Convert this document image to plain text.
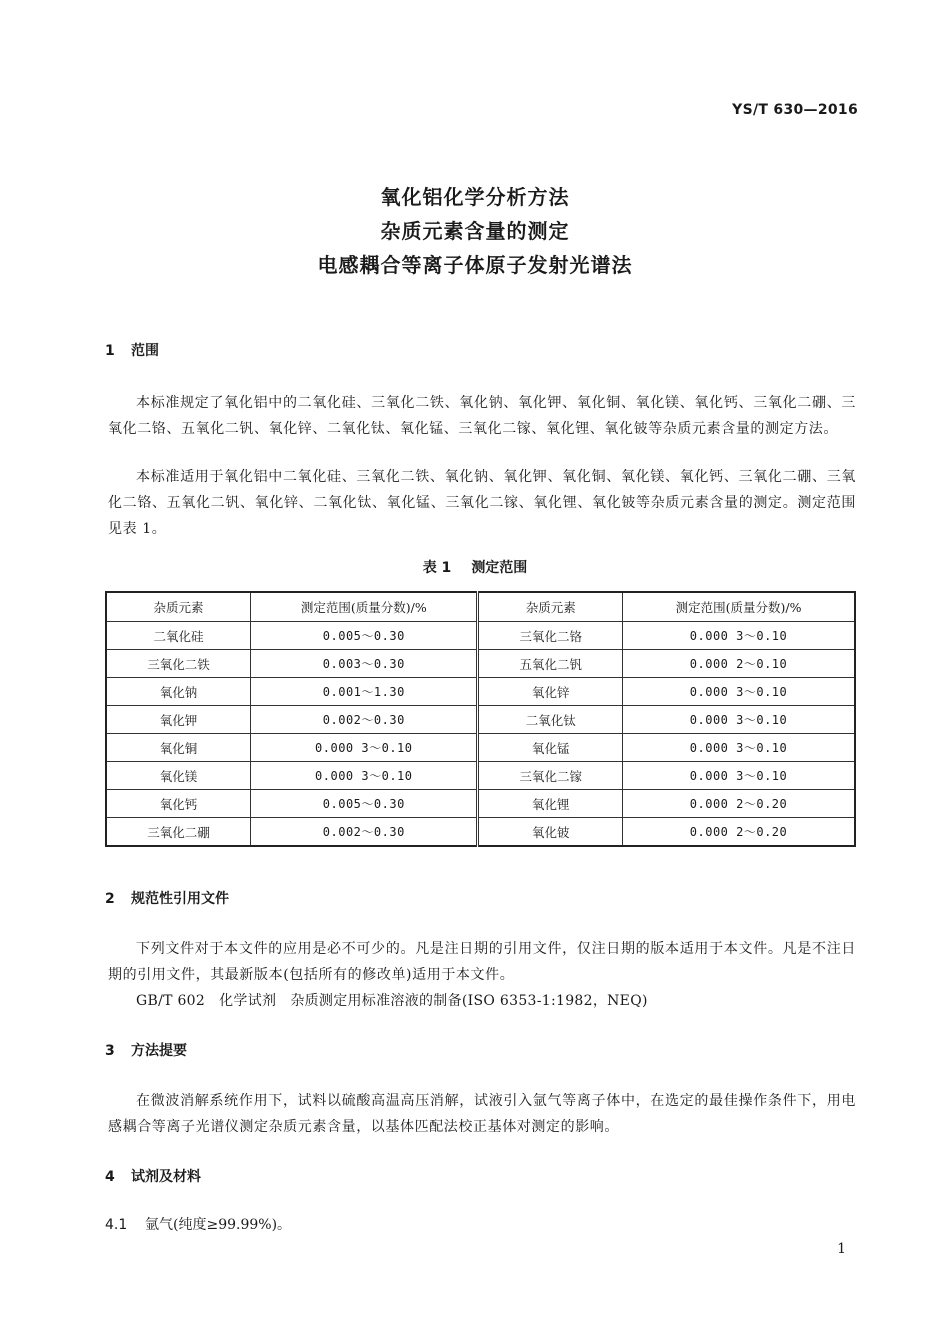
YS/T 630—2016
氧化铝化学分析方法
杂质元素含量的测定
电感耦合等离子体原子发射光谱法
1 范围
本标准规定了氧化铝中的二氧化硅、三氧化二铁、氧化钠、氧化钾、氧化铜、氧化镁、氧化钙、三氧化二硼、三氧化二铬、五氧化二钒、氧化锌、二氧化钛、氧化锰、三氧化二镓、氧化锂、氧化铍等杂质元素含量的测定方法。
本标准适用于氧化铝中二氧化硅、三氧化二铁、氧化钠、氧化钾、氧化铜、氧化镁、氧化钙、三氧化二硼、三氧化二铬、五氧化二钒、氧化锌、二氧化钛、氧化锰、三氧化二镓、氧化锂、氧化铍等杂质元素含量的测定。测定范围见表 1。
表 1 测定范围
杂质元素	测定范围(质量分数)/%	杂质元素	测定范围(质量分数)/%
二氧化硅	0.005～0.30	三氧化二铬	0.000 3～0.10
三氧化二铁	0.003～0.30	五氧化二钒	0.000 2～0.10
氧化钠	0.001～1.30	氧化锌	0.000 3～0.10
氧化钾	0.002～0.30	二氧化钛	0.000 3～0.10
氧化铜	0.000 3～0.10	氧化锰	0.000 3～0.10
氧化镁	0.000 3～0.10	三氧化二镓	0.000 3～0.10
氧化钙	0.005～0.30	氧化锂	0.000 2～0.20
三氧化二硼	0.002～0.30	氧化铍	0.000 2～0.20
2 规范性引用文件
下列文件对于本文件的应用是必不可少的。凡是注日期的引用文件，仅注日期的版本适用于本文件。凡是不注日期的引用文件，其最新版本(包括所有的修改单)适用于本文件。
GB/T 602 化学试剂 杂质测定用标准溶液的制备(ISO 6353-1:1982，NEQ)
3 方法提要
在微波消解系统作用下，试料以硫酸高温高压消解，试液引入氩气等离子体中，在选定的最佳操作条件下，用电感耦合等离子光谱仪测定杂质元素含量，以基体匹配法校正基体对测定的影响。
4 试剂及材料
4.1 氩气(纯度≥99.99%)。
1
